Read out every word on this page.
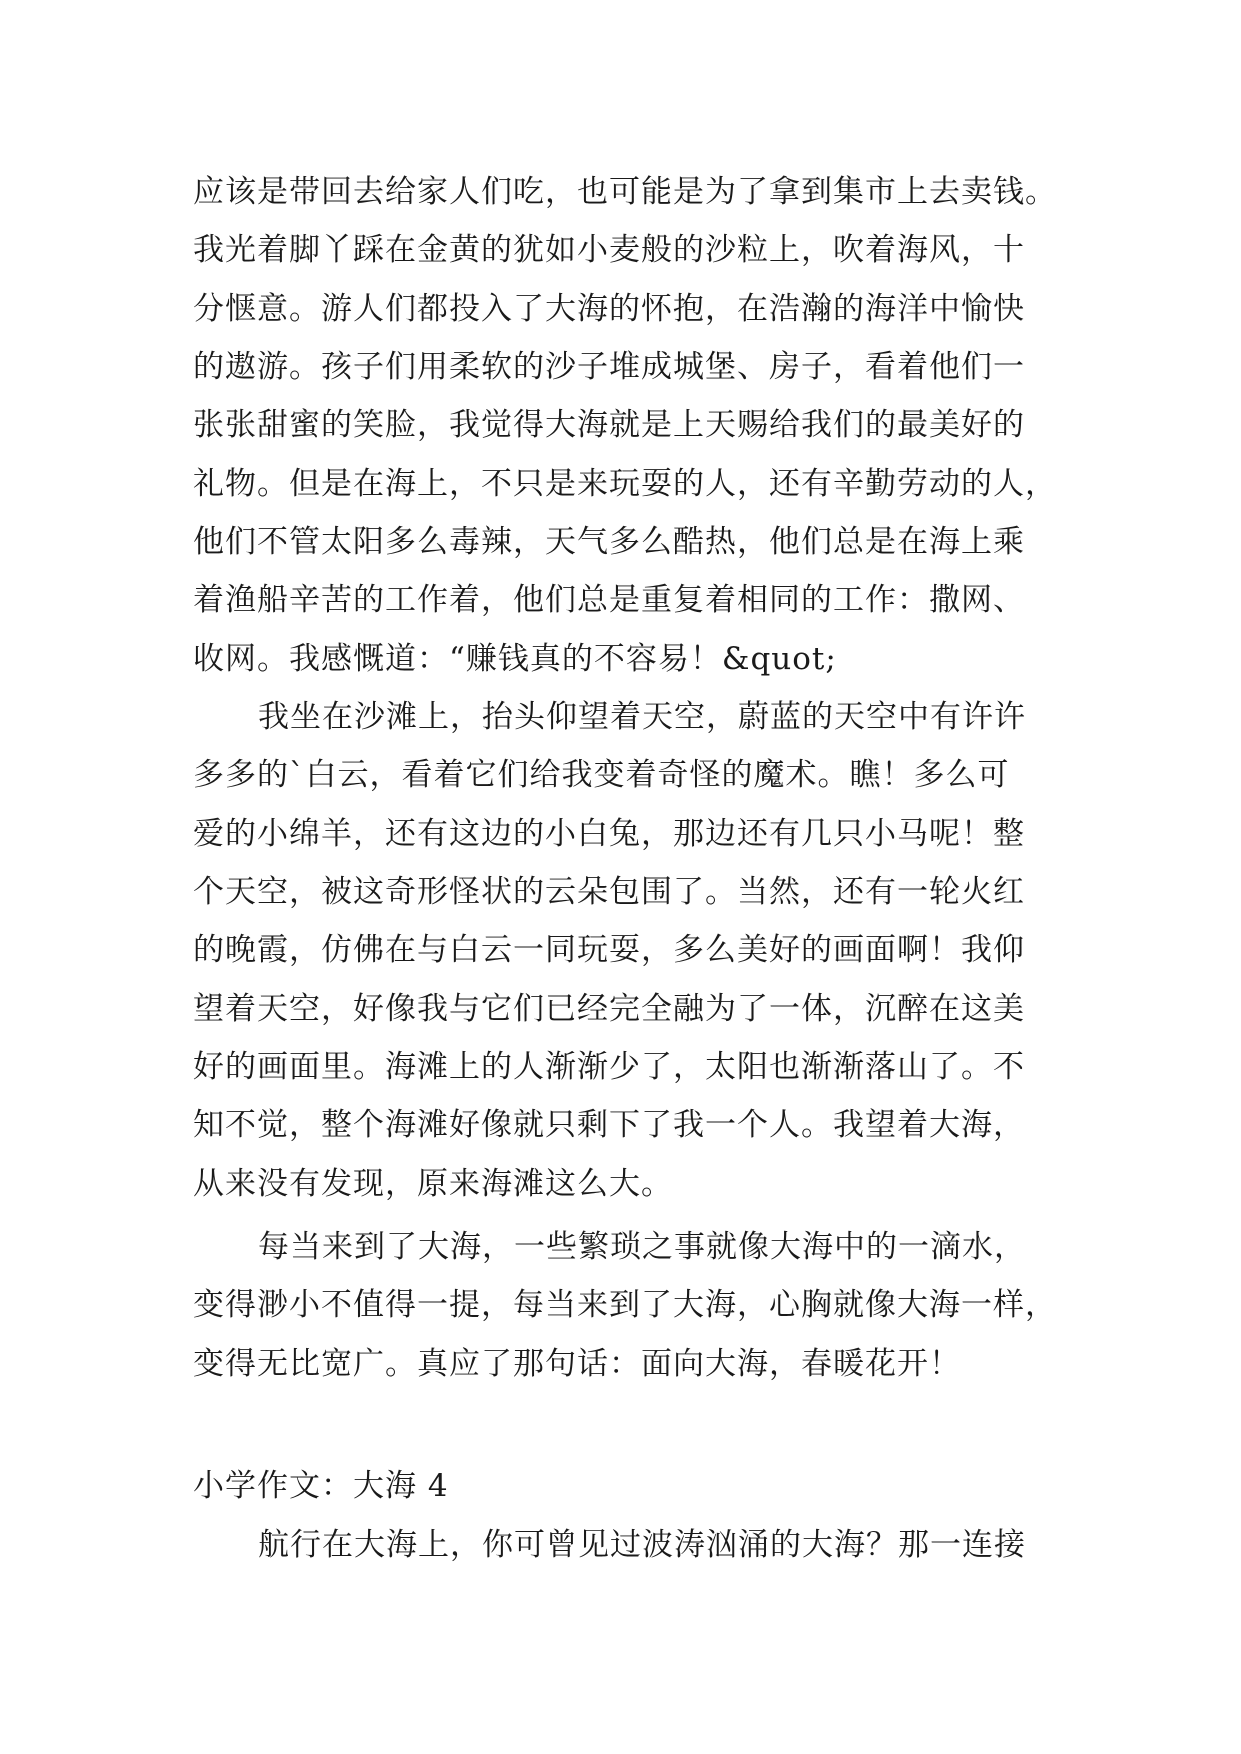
应该是带回去给家人们吃，也可能是为了拿到集市上去卖钱。
我光着脚丫踩在金黄的犹如小麦般的沙粒上，吹着海风，十
分惬意。游人们都投入了大海的怀抱，在浩瀚的海洋中愉快
的遨游。孩子们用柔软的沙子堆成城堡、房子，看着他们一
张张甜蜜的笑脸，我觉得大海就是上天赐给我们的最美好的
礼物。但是在海上，不只是来玩耍的人，还有辛勤劳动的人，
他们不管太阳多么毒辣，天气多么酷热，他们总是在海上乘
着渔船辛苦的工作着，他们总是重复着相同的工作：撒网、
收网。我感慨道：“赚钱真的不容易！&quot;
我坐在沙滩上，抬头仰望着天空，蔚蓝的天空中有许许
多多的`白云，看着它们给我变着奇怪的魔术。瞧！多么可
爱的小绵羊，还有这边的小白兔，那边还有几只小马呢！整
个天空，被这奇形怪状的云朵包围了。当然，还有一轮火红
的晚霞，仿佛在与白云一同玩耍，多么美好的画面啊！我仰
望着天空，好像我与它们已经完全融为了一体，沉醉在这美
好的画面里。海滩上的人渐渐少了，太阳也渐渐落山了。不
知不觉，整个海滩好像就只剩下了我一个人。我望着大海，
从来没有发现，原来海滩这么大。
每当来到了大海，一些繁琐之事就像大海中的一滴水，
变得渺小不值得一提，每当来到了大海，心胸就像大海一样，
变得无比宽广。真应了那句话：面向大海，春暖花开！
小学作文：大海 4
航行在大海上，你可曾见过波涛汹涌的大海？那一连接
